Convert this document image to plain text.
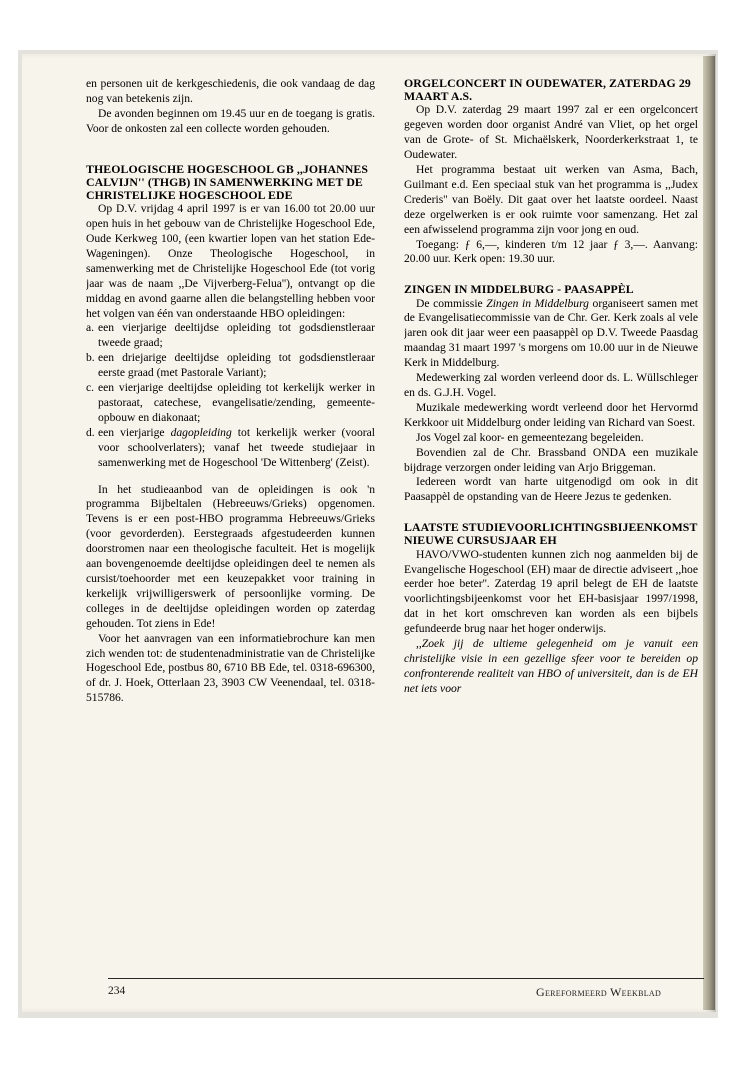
en personen uit de kerkgeschiedenis, die ook vandaag de dag nog van betekenis zijn.

De avonden beginnen om 19.45 uur en de toegang is gratis. Voor de onkosten zal een collecte worden gehouden.

THEOLOGISCHE HOGESCHOOL GB ,,JOHANNES CALVIJN'' (THGB) IN SAMENWERKING MET DE CHRISTELIJKE HOGESCHOOL EDE

Op D.V. vrijdag 4 april 1997 is er van 16.00 tot 20.00 uur open huis in het gebouw van de Christelijke Hogeschool Ede, Oude Kerkweg 100, (een kwartier lopen van het station Ede-Wageningen). Onze Theologische Hogeschool, in samenwerking met de Christelijke Hogeschool Ede (tot vorig jaar was de naam ,,De Vijverberg-Felua''), ontvangt op die middag en avond gaarne allen die belangstelling hebben voor het volgen van één van onderstaande HBO opleidingen:

a. een vierjarige deeltijdse opleiding tot godsdienstleraar tweede graad;
b. een driejarige deeltijdse opleiding tot godsdienstleraar eerste graad (met Pastorale Variant);
c. een vierjarige deeltijdse opleiding tot kerkelijk werker in pastoraat, catechese, evangelisatie/zending, gemeente-opbouw en diakonaat;
d. een vierjarige dagopleiding tot kerkelijk werker (vooral voor schoolverlaters); vanaf het tweede studiejaar in samenwerking met de Hogeschool 'De Wittenberg' (Zeist).

In het studieaanbod van de opleidingen is ook 'n programma Bijbeltalen (Hebreeuws/Grieks) opgenomen. Tevens is er een post-HBO programma Hebreeuws/Grieks (voor gevorderden). Eerstegraads afgestudeerden kunnen doorstromen naar een theologische faculteit. Het is mogelijk aan bovengenoemde deeltijdse opleidingen deel te nemen als cursist/toehoorder met een keuzepakket voor training in kerkelijk vrijwilligerswerk of persoonlijke vorming. De colleges in de deeltijdse opleidingen worden op zaterdag gehouden. Tot ziens in Ede!

Voor het aanvragen van een informatiebrochure kan men zich wenden tot: de studentenadministratie van de Christelijke Hogeschool Ede, postbus 80, 6710 BB Ede, tel. 0318-696300, of dr. J. Hoek, Otterlaan 23, 3903 CW Veenendaal, tel. 0318-515786.

ORGELCONCERT IN OUDEWATER, ZATERDAG 29 MAART A.S.

Op D.V. zaterdag 29 maart 1997 zal er een orgelconcert gegeven worden door organist André van Vliet, op het orgel van de Grote- of St. Michaëlskerk, Noorderkerkstraat 1, te Oudewater.

Het programma bestaat uit werken van Asma, Bach, Guilmant e.d. Een speciaal stuk van het programma is ,,Judex Crederis'' van Boëly. Dit gaat over het laatste oordeel. Naast deze orgelwerken is er ook ruimte voor samenzang. Het zal een afwisselend programma zijn voor jong en oud.

Toegang: ƒ 6,—, kinderen t/m 12 jaar ƒ 3,—. Aanvang: 20.00 uur. Kerk open: 19.30 uur.

ZINGEN IN MIDDELBURG - PAASAPPÈL

De commissie Zingen in Middelburg organiseert samen met de Evangelisatiecommissie van de Chr. Ger. Kerk zoals al vele jaren ook dit jaar weer een paasappèl op D.V. Tweede Paasdag maandag 31 maart 1997 's morgens om 10.00 uur in de Nieuwe Kerk in Middelburg.

Medewerking zal worden verleend door ds. L. Wüllschleger en ds. G.J.H. Vogel.

Muzikale medewerking wordt verleend door het Hervormd Kerkkoor uit Middelburg onder leiding van Richard van Soest.

Jos Vogel zal koor- en gemeentezang begeleiden.

Bovendien zal de Chr. Brassband ONDA een muzikale bijdrage verzorgen onder leiding van Arjo Briggeman.

Iedereen wordt van harte uitgenodigd om ook in dit Paasappèl de opstanding van de Heere Jezus te gedenken.

LAATSTE STUDIEVOORLICHTINGSBIJEENKOMST NIEUWE CURSUSJAAR EH

HAVO/VWO-studenten kunnen zich nog aanmelden bij de Evangelische Hogeschool (EH) maar de directie adviseert ,,hoe eerder hoe beter''. Zaterdag 19 april belegt de EH de laatste voorlichtingsbijeenkomst voor het EH-basisjaar 1997/1998, dat in het kort omschreven kan worden als een bijbels gefundeerde brug naar het hoger onderwijs.

,,Zoek jij de ultieme gelegenheid om je vanuit een christelijke visie in een gezellige sfeer voor te bereiden op confronterende realiteit van HBO of universiteit, dan is de EH net iets voor

234	Gereformeerd Weekblad
